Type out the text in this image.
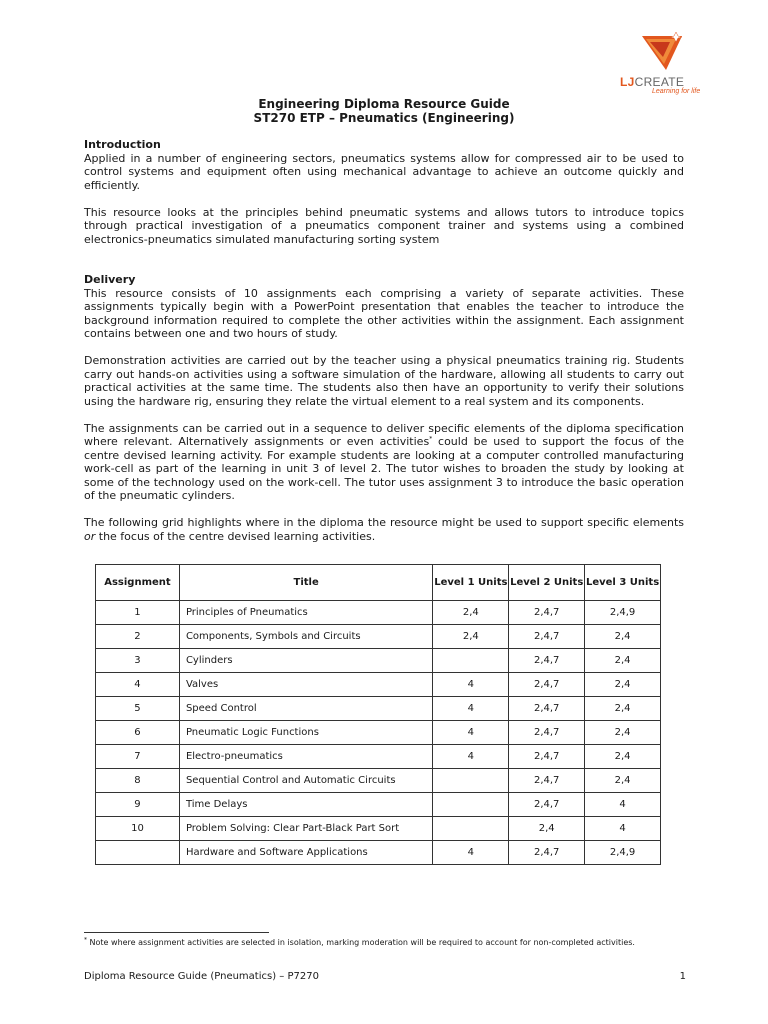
LJCREATE
Learning for life
Engineering Diploma Resource Guide
ST270 ETP – Pneumatics (Engineering)
Introduction

Applied in a number of engineering sectors, pneumatics systems allow for compressed air to be used to control systems and equipment often using mechanical advantage to achieve an outcome quickly and efficiently.

This resource looks at the principles behind pneumatic systems and allows tutors to introduce topics through practical investigation of a pneumatics component trainer and systems using a combined electronics-pneumatics simulated manufacturing sorting system

Delivery

This resource consists of 10 assignments each comprising a variety of separate activities. These assignments typically begin with a PowerPoint presentation that enables the teacher to introduce the background information required to complete the other activities within the assignment. Each assignment contains between one and two hours of study.

Demonstration activities are carried out by the teacher using a physical pneumatics training rig. Students carry out hands-on activities using a software simulation of the hardware, allowing all students to carry out practical activities at the same time. The students also then have an opportunity to verify their solutions using the hardware rig, ensuring they relate the virtual element to a real system and its components.

The assignments can be carried out in a sequence to deliver specific elements of the diploma specification where relevant. Alternatively assignments or even activities* could be used to support the focus of the centre devised learning activity. For example students are looking at a computer controlled manufacturing work-cell as part of the learning in unit 3 of level 2. The tutor wishes to broaden the study by looking at some of the technology used on the work-cell. The tutor uses assignment 3 to introduce the basic operation of the pneumatic cylinders.

The following grid highlights where in the diploma the resource might be used to support specific elements or the focus of the centre devised learning activities.

Assignment	Title	Level 1 Units	Level 2 Units	Level 3 Units
1	Principles of Pneumatics	2,4	2,4,7	2,4,9
2	Components, Symbols and Circuits	2,4	2,4,7	2,4
3	Cylinders		2,4,7	2,4
4	Valves	4	2,4,7	2,4
5	Speed Control	4	2,4,7	2,4
6	Pneumatic Logic Functions	4	2,4,7	2,4
7	Electro-pneumatics	4	2,4,7	2,4
8	Sequential Control and Automatic Circuits		2,4,7	2,4
9	Time Delays		2,4,7	4
10	Problem Solving: Clear Part-Black Part Sort		2,4	4
	Hardware and Software Applications	4	2,4,7	2,4,9
* Note where assignment activities are selected in isolation, marking moderation will be required to account for non-completed activities.
Diploma Resource Guide (Pneumatics) – P7270	1
